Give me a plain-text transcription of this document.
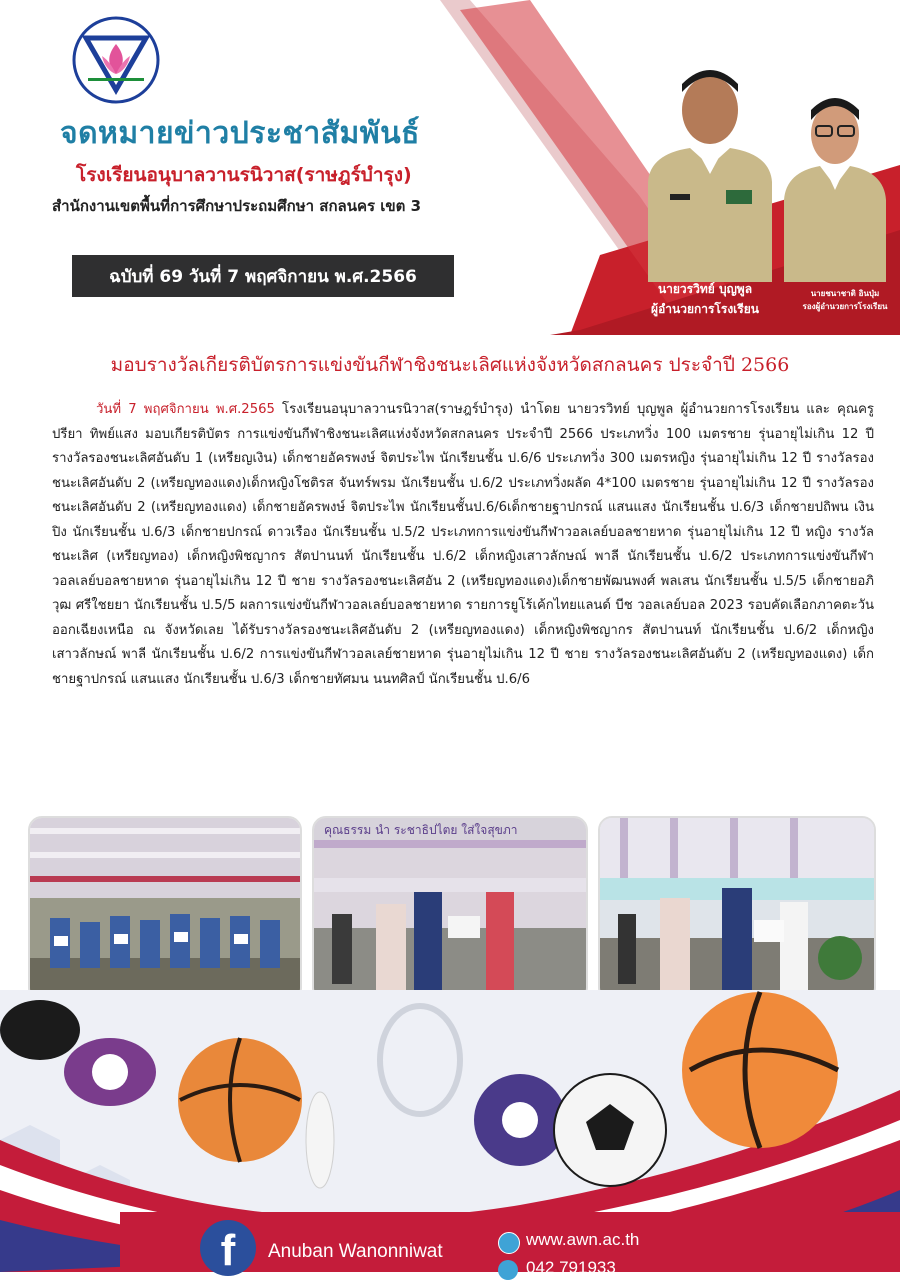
จดหมายข่าวประชาสัมพันธ์
โรงเรียนอนุบาลวานรนิวาส(ราษฎร์บำรุง)
สำนักงานเขตพื้นที่การศึกษาประถมศึกษา สกลนคร เขต 3
ฉบับที่ 69 วันที่ 7 พฤศจิกายน พ.ศ.2566
นายวรวิทย์ บุญพูล
ผู้อำนวยการโรงเรียน
นายชนาชาติ อินปุ่ม
รองผู้อำนวยการโรงเรียน
มอบรางวัลเกียรติบัตรการแข่งขันกีฬาชิงชนะเลิศแห่งจังหวัดสกลนคร ประจำปี 2566
วันที่ 7 พฤศจิกายน พ.ศ.2565 โรงเรียนอนุบาลวานรนิวาส(ราษฎร์บำรุง) นำโดย นายวรวิทย์ บุญพูล ผู้อำนวยการโรงเรียน และ คุณครูปรียา ทิพย์แสง มอบเกียรติบัตร การแข่งขันกีฬาชิงชนะเลิศแห่งจังหวัดสกลนคร ประจำปี 2566 ประเภทวิ่ง 100 เมตรชาย รุ่นอายุไม่เกิน 12 ปี รางวัลรองชนะเลิศอันดับ 1 (เหรียญเงิน) เด็กชายอัครพงษ์ จิตประไพ นักเรียนชั้น ป.6/6 ประเภทวิ่ง 300 เมตรหญิง รุ่นอายุไม่เกิน 12 ปี รางวัลรองชนะเลิศอันดับ 2 (เหรียญทองแดง)เด็กหญิงโชติรส จันทร์พรม นักเรียนชั้น ป.6/2 ประเภทวิ่งผลัด 4*100 เมตรชาย รุ่นอายุไม่เกิน 12 ปี รางวัลรองชนะเลิศอันดับ 2 (เหรียญทองแดง) เด็กชายอัครพงษ์ จิตประไพ นักเรียนชั้นป.6/6เด็กชายฐาปกรณ์ แสนแสง นักเรียนชั้น ป.6/3 เด็กชายปถิพน เงินปิง นักเรียนชั้น ป.6/3 เด็กชายปกรณ์ ดาวเรือง นักเรียนชั้น ป.5/2 ประเภทการแข่งขันกีฬาวอลเลย์บอลชายหาด รุ่นอายุไม่เกิน 12 ปี หญิง รางวัลชนะเลิศ (เหรียญทอง) เด็กหญิงพิชญากร สัตปานนท์ นักเรียนชั้น ป.6/2 เด็กหญิงเสาวลักษณ์ พาลี นักเรียนชั้น ป.6/2 ประเภทการแข่งขันกีฬาวอลเลย์บอลชายหาด รุ่นอายุไม่เกิน 12 ปี ชาย รางวัลรองชนะเลิศอัน 2 (เหรียญทองแดง)เด็กชายพัฒนพงศ์ พลเสน นักเรียนชั้น ป.5/5 เด็กชายอภิวุฒ ศรีใชยยา นักเรียนชั้น ป.5/5 ผลการแข่งขันกีฬาวอลเลย์บอลชายหาด รายการยูโร้เค้กไทยแลนด์ บีช วอลเลย์บอล 2023 รอบคัดเลือกภาคตะวันออกเฉียงเหนือ ณ จังหวัดเลย ได้รับรางวัลรองชนะเลิศอันดับ 2 (เหรียญทองแดง) เด็กหญิงพิชญากร สัตปานนท์ นักเรียนชั้น ป.6/2 เด็กหญิงเสาวลักษณ์ พาลี นักเรียนชั้น ป.6/2 การแข่งขันกีฬาวอลเลย์ชายหาด รุ่นอายุไม่เกิน 12 ปี ชาย รางวัลรองชนะเลิศอันดับ 2 (เหรียญทองแดง) เด็กชายฐาปกรณ์ แสนแสง นักเรียนชั้น ป.6/3 เด็กชายทัศมน นนทศิลป์ นักเรียนชั้น ป.6/6
คุณธรรม นำ ระชาธิปไตย ใส่ใจสุขภา
f	Anuban Wanonniwat
www.awn.ac.th
042 791933
